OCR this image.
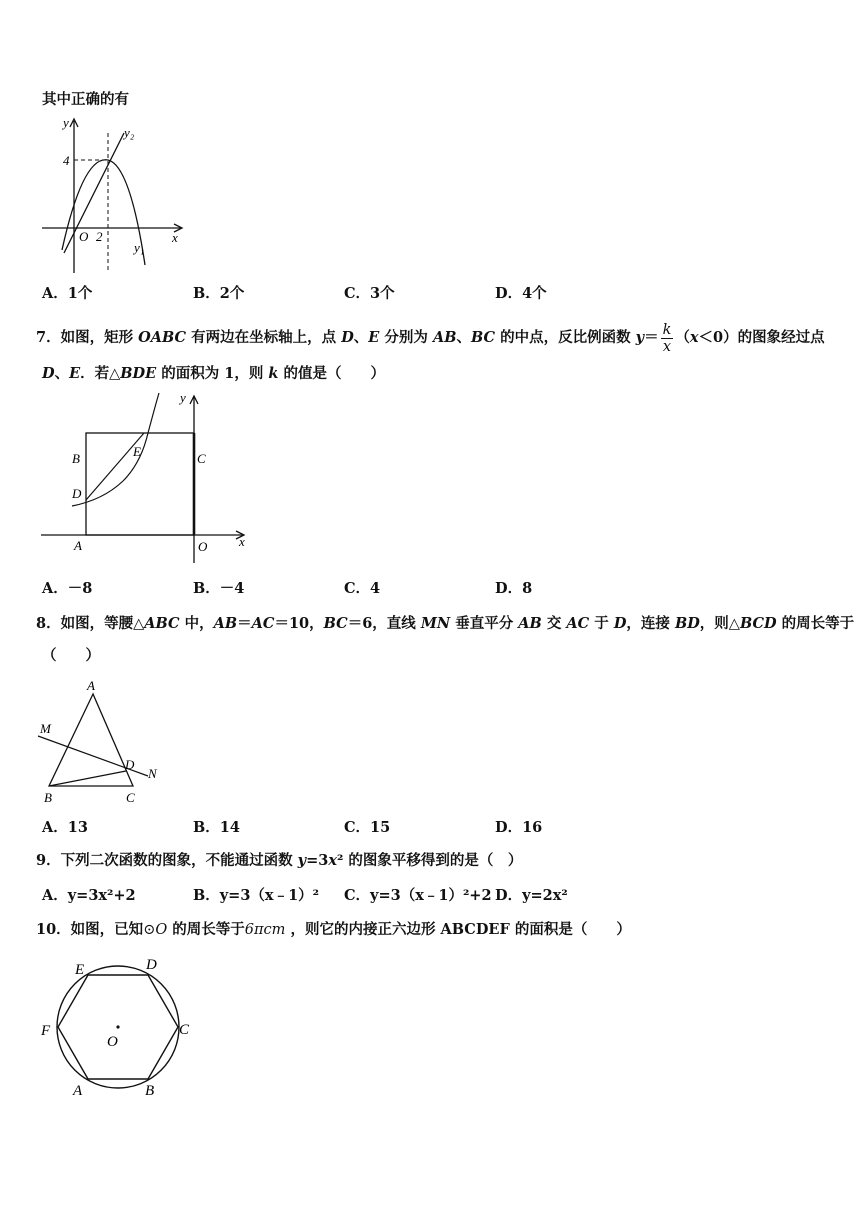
其中正确的有
y
y₂
4
O 2	x
y₁
A．1个	B．2个	C．3个	D．4个
7．如图，矩形 OABC 有两边在坐标轴上，点 D、E 分别为 AB、BC 的中点，反比例函数 $y= \frac{k}{x} (x<0)$的图象经过点
D、E．若△BDE 的面积为 1，则 k 的值是（　　）
y
B	E	C
D
A	O x
A．－8	B．－4	C．4	D．8
8．如图，等腰△ABC 中，AB＝AC＝10，BC＝6，直线 MN 垂直平分 AB 交 AC 于 D，连接 BD，则△BCD 的周长等于
（　　）
A
M
D
N
B	C
A．13	B．14	C．15	D．16
9．下列二次函数的图象，不能通过函数 y=3x² 的图象平移得到的是（　）
A．y=3x²+2	B．y=3（x﹣1）² C．y=3（x﹣1）²+2 D．y=2x²
10．如图，已知⊙O 的周长等于6πcm ，则它的内接正六边形 ABCDEF 的面积是（　　）
E	D
F	C
O
A	B
